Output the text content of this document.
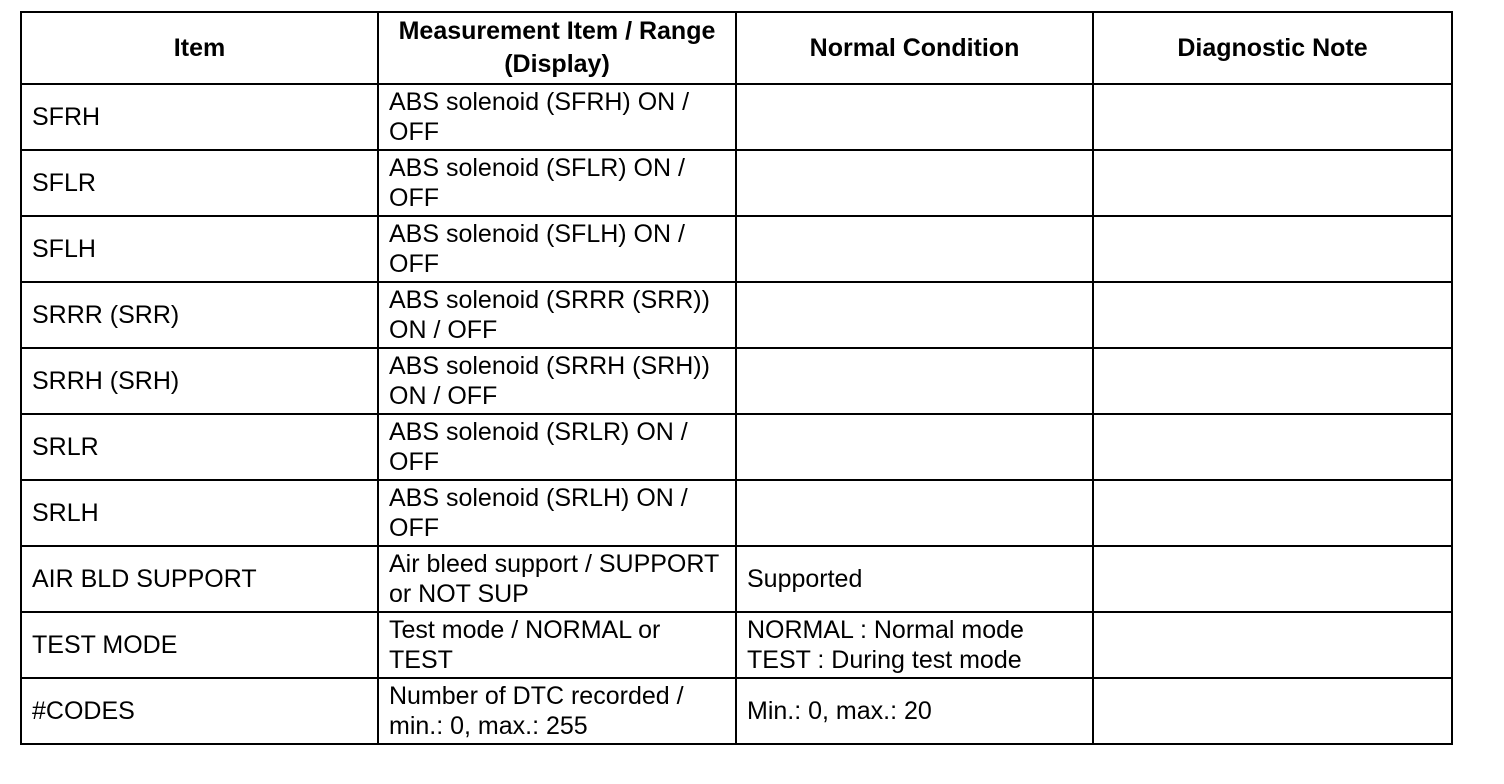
Item	Measurement Item / Range (Display)	Normal Condition	Diagnostic Note
SFRH	ABS solenoid (SFRH) ON / OFF	

SFLR	ABS solenoid (SFLR) ON / OFF	

SFLH	ABS solenoid (SFLH) ON / OFF	

SRRR (SRR)	ABS solenoid (SRRR (SRR)) ON / OFF	

SRRH (SRH)	ABS solenoid (SRRH (SRH)) ON / OFF	

SRLR	ABS solenoid (SRLR) ON / OFF	

SRLH	ABS solenoid (SRLH) ON / OFF	

AIR BLD SUPPORT	Air bleed support / SUPPORT or NOT SUP	Supported	

TEST MODE	Test mode / NORMAL or TEST	NORMAL : Normal mode
TEST : During test mode	

#CODES	Number of DTC recorded / min.: 0, max.: 255	Min.: 0, max.: 20	
